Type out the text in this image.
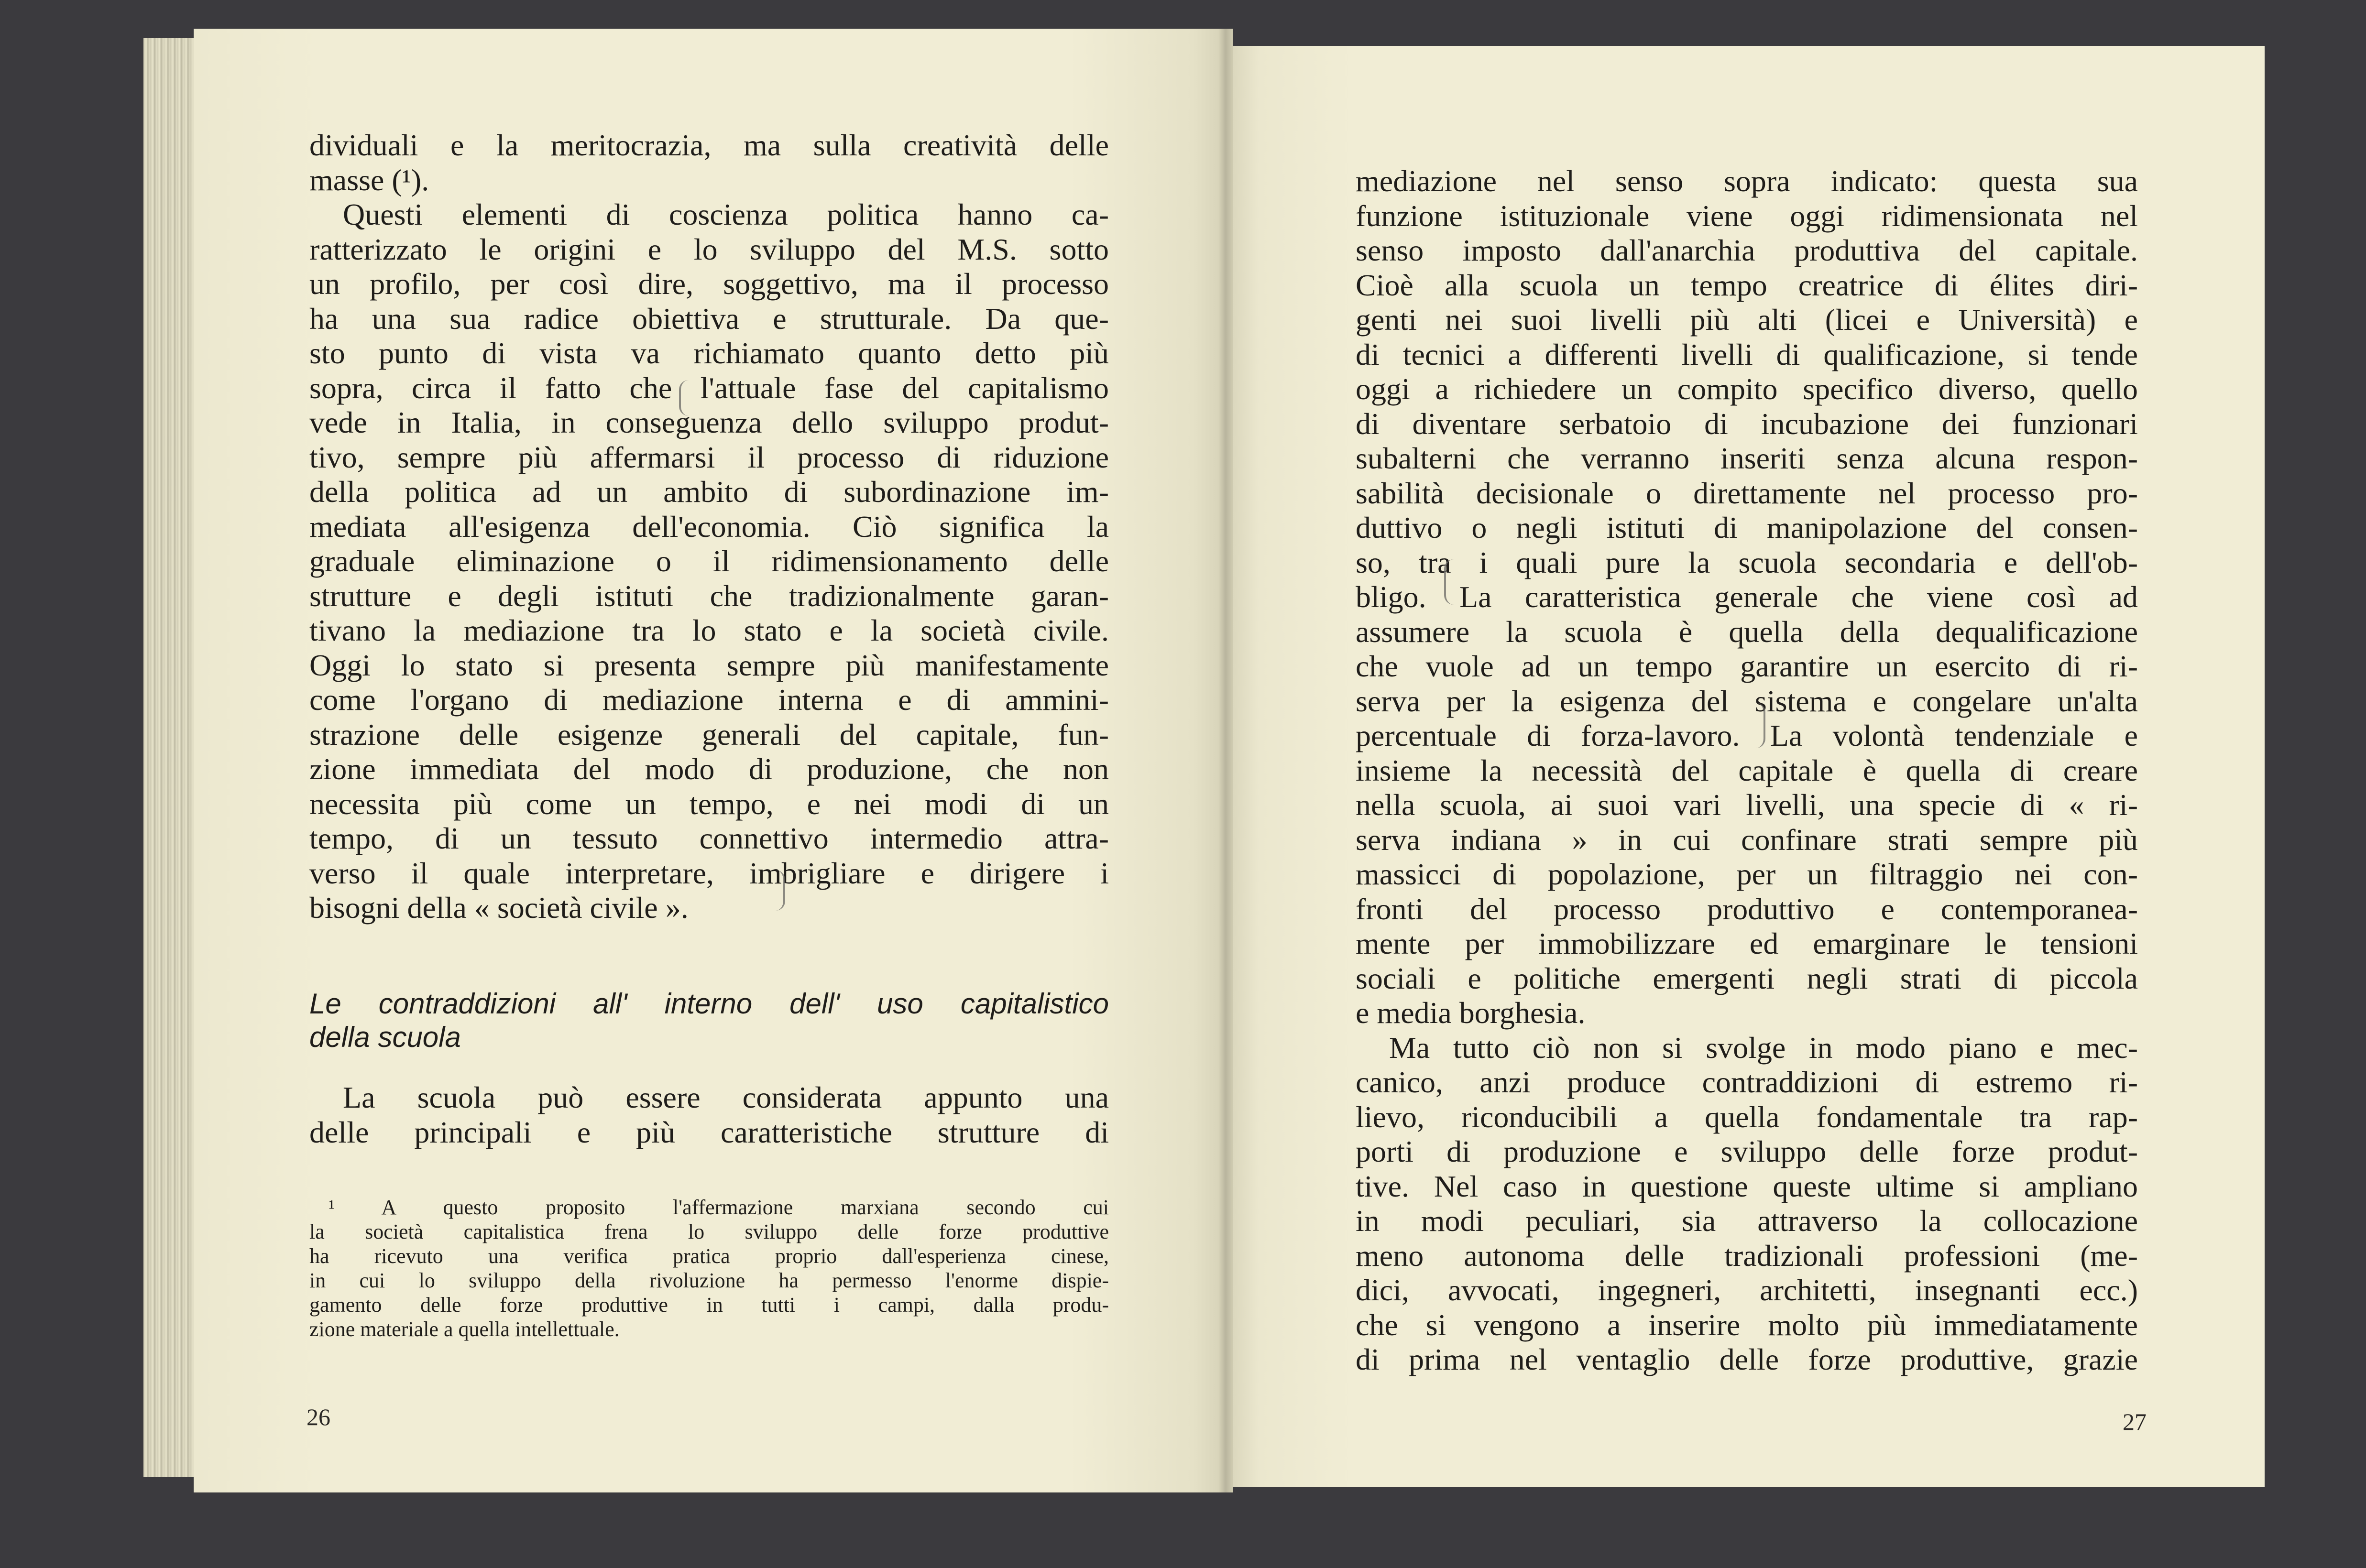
dividuali e la meritocrazia, ma sulla creatività delle
masse (¹).
Questi elementi di coscienza politica hanno ca-
ratterizzato le origini e lo sviluppo del M.S. sotto
un profilo, per così dire, soggettivo, ma il processo
ha una sua radice obiettiva e strutturale. Da que-
sto punto di vista va richiamato quanto detto più
sopra, circa il fatto che l'attuale fase del capitalismo
vede in Italia, in conseguenza dello sviluppo produt-
tivo, sempre più affermarsi il processo di riduzione
della politica ad un ambito di subordinazione im-
mediata all'esigenza dell'economia. Ciò significa la
graduale eliminazione o il ridimensionamento delle
strutture e degli istituti che tradizionalmente garan-
tivano la mediazione tra lo stato e la società civile.
Oggi lo stato si presenta sempre più manifestamente
come l'organo di mediazione interna e di ammini-
strazione delle esigenze generali del capitale, fun-
zione immediata del modo di produzione, che non
necessita più come un tempo, e nei modi di un
tempo, di un tessuto connettivo intermedio attra-
verso il quale interpretare, imbrigliare e dirigere i
bisogni della « società civile ».
Le contraddizioni all' interno dell' uso capitalistico
della scuola
La scuola può essere considerata appunto una
delle principali e più caratteristiche strutture di
¹ A questo proposito l'affermazione marxiana secondo cui
la società capitalistica frena lo sviluppo delle forze produttive
ha ricevuto una verifica pratica proprio dall'esperienza cinese,
in cui lo sviluppo della rivoluzione ha permesso l'enorme dispie-
gamento delle forze produttive in tutti i campi, dalla produ-
zione materiale a quella intellettuale.
26
mediazione nel senso sopra indicato: questa sua
funzione istituzionale viene oggi ridimensionata nel
senso imposto dall'anarchia produttiva del capitale.
Cioè alla scuola un tempo creatrice di élites diri-
genti nei suoi livelli più alti (licei e Università) e
di tecnici a differenti livelli di qualificazione, si tende
oggi a richiedere un compito specifico diverso, quello
di diventare serbatoio di incubazione dei funzionari
subalterni che verranno inseriti senza alcuna respon-
sabilità decisionale o direttamente nel processo pro-
duttivo o negli istituti di manipolazione del consen-
so, tra i quali pure la scuola secondaria e dell'ob-
bligo. La caratteristica generale che viene così ad
assumere la scuola è quella della dequalificazione
che vuole ad un tempo garantire un esercito di ri-
serva per la esigenza del sistema e congelare un'alta
percentuale di forza-lavoro. La volontà tendenziale e
insieme la necessità del capitale è quella di creare
nella scuola, ai suoi vari livelli, una specie di « ri-
serva indiana » in cui confinare strati sempre più
massicci di popolazione, per un filtraggio nei con-
fronti del processo produttivo e contemporanea-
mente per immobilizzare ed emarginare le tensioni
sociali e politiche emergenti negli strati di piccola
e media borghesia.
Ma tutto ciò non si svolge in modo piano e mec-
canico, anzi produce contraddizioni di estremo ri-
lievo, riconducibili a quella fondamentale tra rap-
porti di produzione e sviluppo delle forze produt-
tive. Nel caso in questione queste ultime si ampliano
in modi peculiari, sia attraverso la collocazione
meno autonoma delle tradizionali professioni (me-
dici, avvocati, ingegneri, architetti, insegnanti ecc.)
che si vengono a inserire molto più immediatamente
di prima nel ventaglio delle forze produttive, grazie
27
